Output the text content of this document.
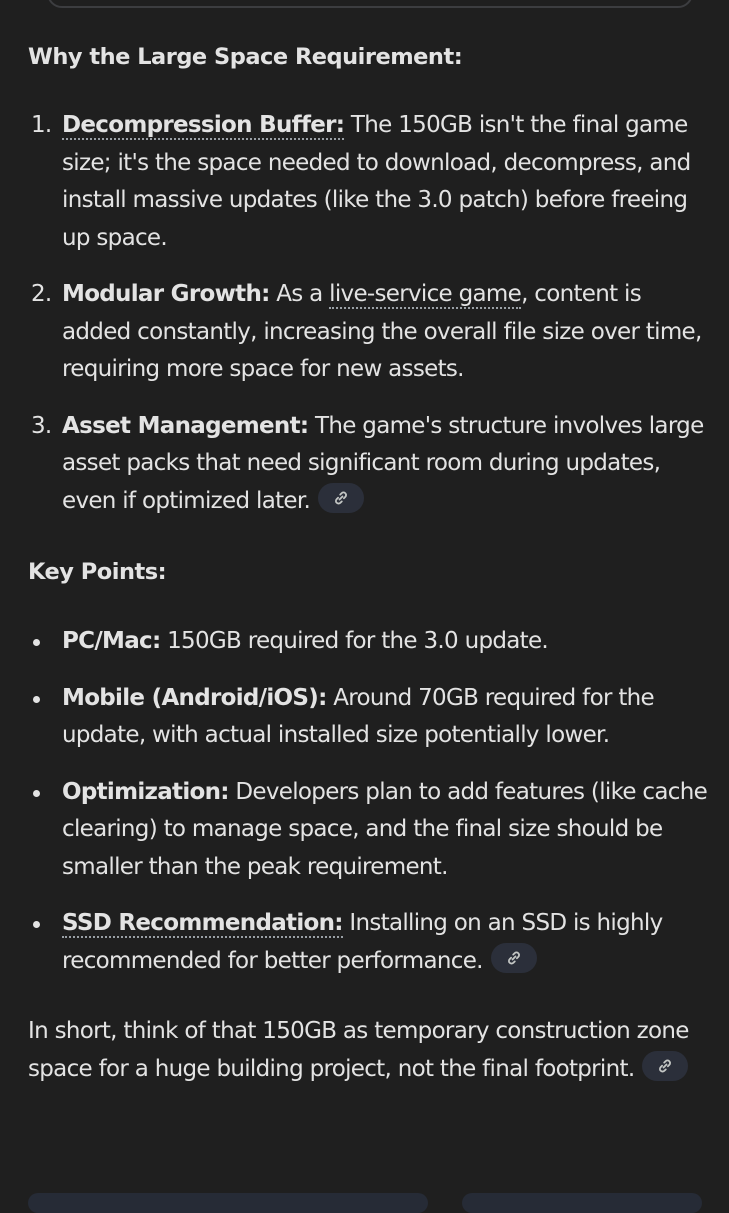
Why the Large Space Requirement:
1. Decompression Buffer: The 150GB isn't the final game size; it's the space needed to download, decompress, and install massive updates (like the 3.0 patch) before freeing up space.
2. Modular Growth: As a live-service game, content is added constantly, increasing the overall file size over time, requiring more space for new assets.
3. Asset Management: The game's structure involves large asset packs that need significant room during updates, even if optimized later.
Key Points:
PC/Mac: 150GB required for the 3.0 update.
Mobile (Android/iOS): Around 70GB required for the update, with actual installed size potentially lower.
Optimization: Developers plan to add features (like cache clearing) to manage space, and the final size should be smaller than the peak requirement.
SSD Recommendation: Installing on an SSD is highly recommended for better performance.

In short, think of that 150GB as temporary construction zone space for a huge building project, not the final footprint.
